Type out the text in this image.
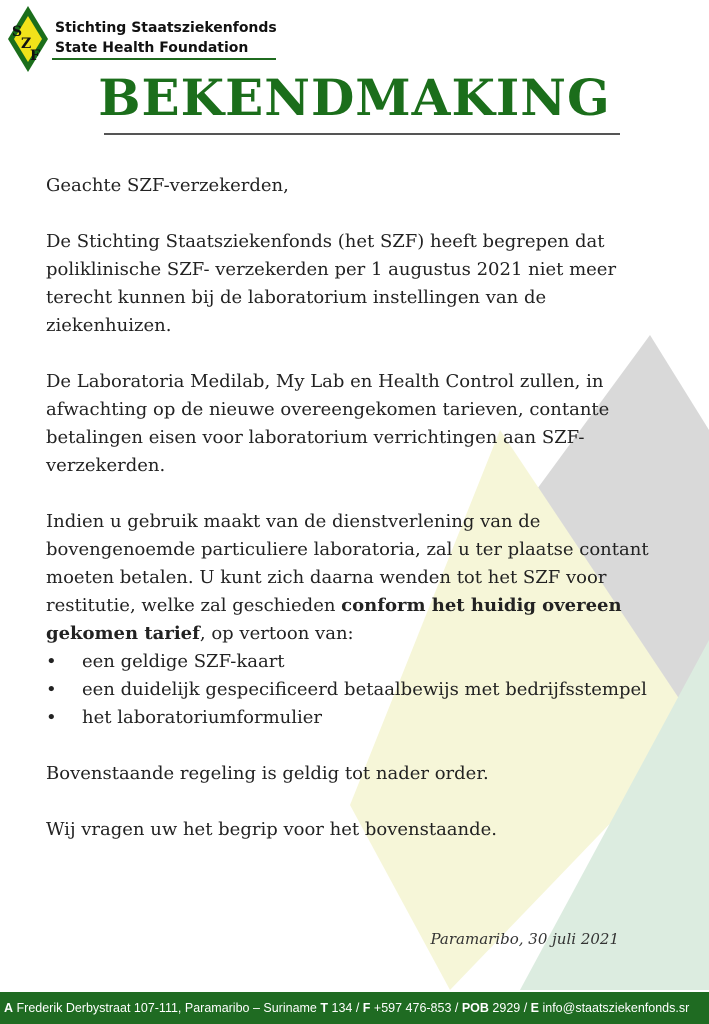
S
Z
F
Stichting Staatsziekenfonds
State Health Foundation
BEKENDMAKING

Geachte SZF-verzekerden,

De Stichting Staatsziekenfonds (het SZF) heeft begrepen dat poliklinische SZF- verzekerden per 1 augustus 2021 niet meer terecht kunnen bij de laboratorium instellingen van de ziekenhuizen.

De Laboratoria Medilab, My Lab en Health Control zullen, in afwachting op de nieuwe overeengekomen tarieven, contante betalingen eisen voor laboratorium verrichtingen aan SZF-verzekerden.

Indien u gebruik maakt van de dienstverlening van de bovengenoemde particuliere laboratoria, zal u ter plaatse contant moeten betalen. U kunt zich daarna wenden tot het SZF voor restitutie, welke zal geschieden conform het huidig overeen gekomen tarief, op vertoon van:

• een geldige SZF-kaart
• een duidelijk gespecificeerd betaalbewijs met bedrijfsstempel
• het laboratoriumformulier

Bovenstaande regeling is geldig tot nader order.

Wij vragen uw het begrip voor het bovenstaande.

Paramaribo, 30 juli 2021
A Frederik Derbystraat 107-111, Paramaribo – Suriname T 134 / F +597 476-853 / POB 2929 / E info@staatsziekenfonds.sr
